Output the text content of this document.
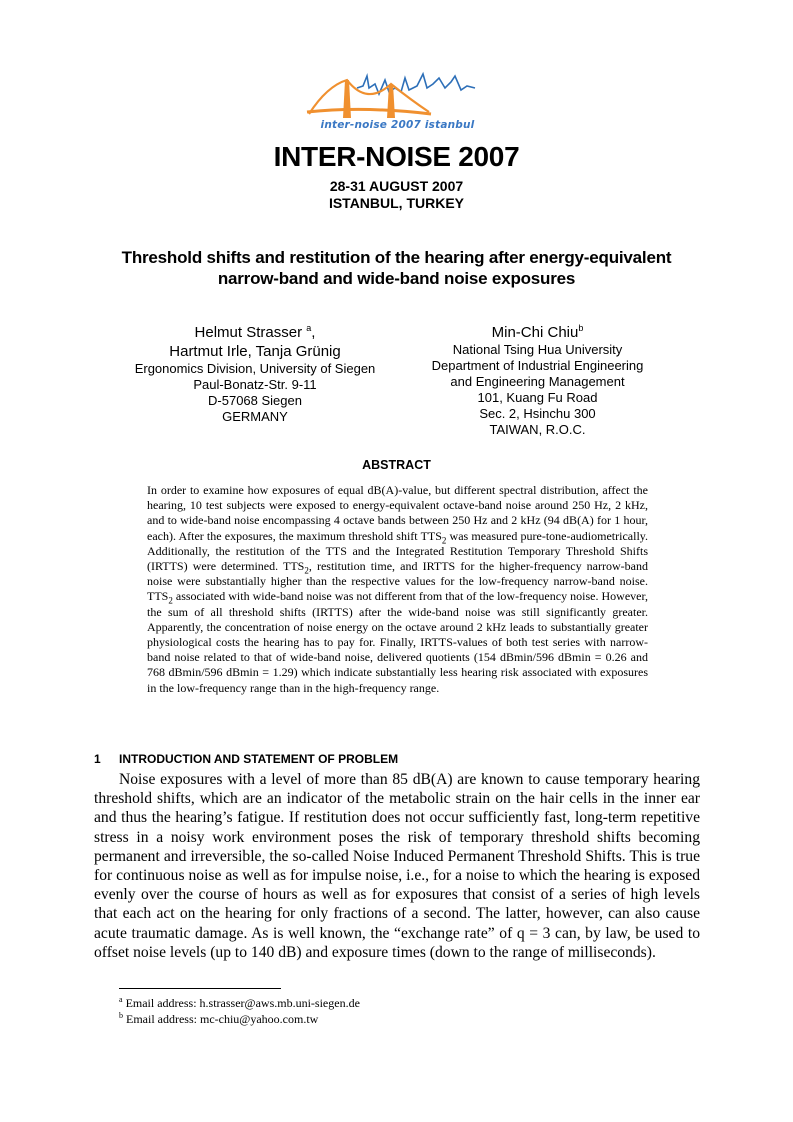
inter-noise 2007 istanbul
INTER-NOISE 2007
28-31 AUGUST 2007
ISTANBUL, TURKEY
Threshold shifts and restitution of the hearing after energy-equivalent
narrow-band and wide-band noise exposures
Helmut Strasser $^a$,
Hartmut Irle, Tanja Grünig
Ergonomics Division, University of Siegen
Paul-Bonatz-Str. 9-11
D-57068 Siegen
GERMANY
Min-Chi Chiu$^b$
National Tsing Hua University
Department of Industrial Engineering
and Engineering Management
101, Kuang Fu Road
Sec. 2, Hsinchu 300
TAIWAN, R.O.C.
ABSTRACT

In order to examine how exposures of equal dB(A)-value, but different spectral distribution, affect the hearing, 10 test subjects were exposed to energy-equivalent octave-band noise around 250 Hz, 2 kHz, and to wide-band noise encompassing 4 octave bands between 250 Hz and 2 kHz (94 dB(A) for 1 hour, each). After the exposures, the maximum threshold shift $TTS_2$ was measured pure-tone-audiometrically. Additionally, the restitution of the TTS and the Integrated Restitution Temporary Threshold Shifts (IRTTS) were determined. $TTS_2$, restitution time, and IRTTS for the higher-frequency narrow-band noise were substantially higher than the respective values for the low-frequency narrow-band noise. $TTS_2$ associated with wide-band noise was not different from that of the low-frequency noise. However, the sum of all threshold shifts (IRTTS) after the wide-band noise was still significantly greater. Apparently, the concentration of noise energy on the octave around 2 kHz leads to substantially greater physiological costs the hearing has to pay for. Finally, IRTTS-values of both test series with narrow-band noise related to that of wide-band noise, delivered quotients (154 dBmin/596 dBmin = 0.26 and 768 dBmin/596 dBmin = 1.29) which indicate substantially less hearing risk associated with exposures in the low-frequency range than in the high-frequency range.

1 INTRODUCTION AND STATEMENT OF PROBLEM

Noise exposures with a level of more than 85 dB(A) are known to cause temporary hearing threshold shifts, which are an indicator of the metabolic strain on the hair cells in the inner ear and thus the hearing’s fatigue. If restitution does not occur sufficiently fast, long-term repetitive stress in a noisy work environment poses the risk of temporary threshold shifts becoming permanent and irreversible, the so-called Noise Induced Permanent Threshold Shifts. This is true for continuous noise as well as for impulse noise, i.e., for a noise to which the hearing is exposed evenly over the course of hours as well as for exposures that consist of a series of high levels that each act on the hearing for only fractions of a second. The latter, however, can also cause acute traumatic damage. As is well known, the “exchange rate” of q = 3 can, by law, be used to offset noise levels (up to 140 dB) and exposure times (down to the range of milliseconds).

$^a$ Email address: h.strasser@aws.mb.uni-siegen.de
$^b$ Email address: mc-chiu@yahoo.com.tw
